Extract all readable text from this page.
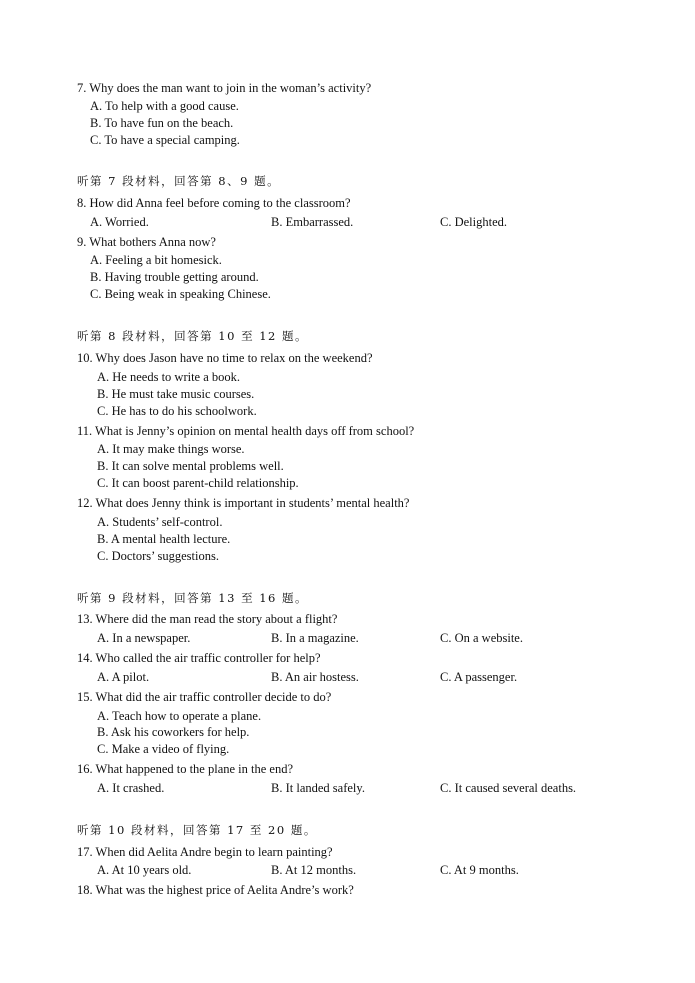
7. Why does the man want to join in the woman’s activity?
A. To help with a good cause.
B. To have fun on the beach.
C. To have a special camping.
听第 7 段材料，回答第 8、9 题。
8. How did Anna feel before coming to the classroom?
A. Worried.	B. Embarrassed.	C. Delighted.
9. What bothers Anna now?
A. Feeling a bit homesick.
B. Having trouble getting around.
C. Being weak in speaking Chinese.
听第 8 段材料，回答第 10 至 12 题。
10. Why does Jason have no time to relax on the weekend?
A. He needs to write a book.
B. He must take music courses.
C. He has to do his schoolwork.
11. What is Jenny’s opinion on mental health days off from school?
A. It may make things worse.
B. It can solve mental problems well.
C. It can boost parent-child relationship.
12. What does Jenny think is important in students’ mental health?
A. Students’ self-control.
B. A mental health lecture.
C. Doctors’ suggestions.
听第 9 段材料，回答第 13 至 16 题。
13. Where did the man read the story about a flight?
A. In a newspaper.	B. In a magazine.	C. On a website.
14. Who called the air traffic controller for help?
A. A pilot.	B. An air hostess.	C. A passenger.
15. What did the air traffic controller decide to do?
A. Teach how to operate a plane.
B. Ask his coworkers for help.
C. Make a video of flying.
16. What happened to the plane in the end?
A. It crashed.	B. It landed safely.	C. It caused several deaths.
听第 10 段材料，回答第 17 至 20 题。
17. When did Aelita Andre begin to learn painting?
A. At 10 years old.	B. At 12 months.	C. At 9 months.
18. What was the highest price of Aelita Andre’s work?
